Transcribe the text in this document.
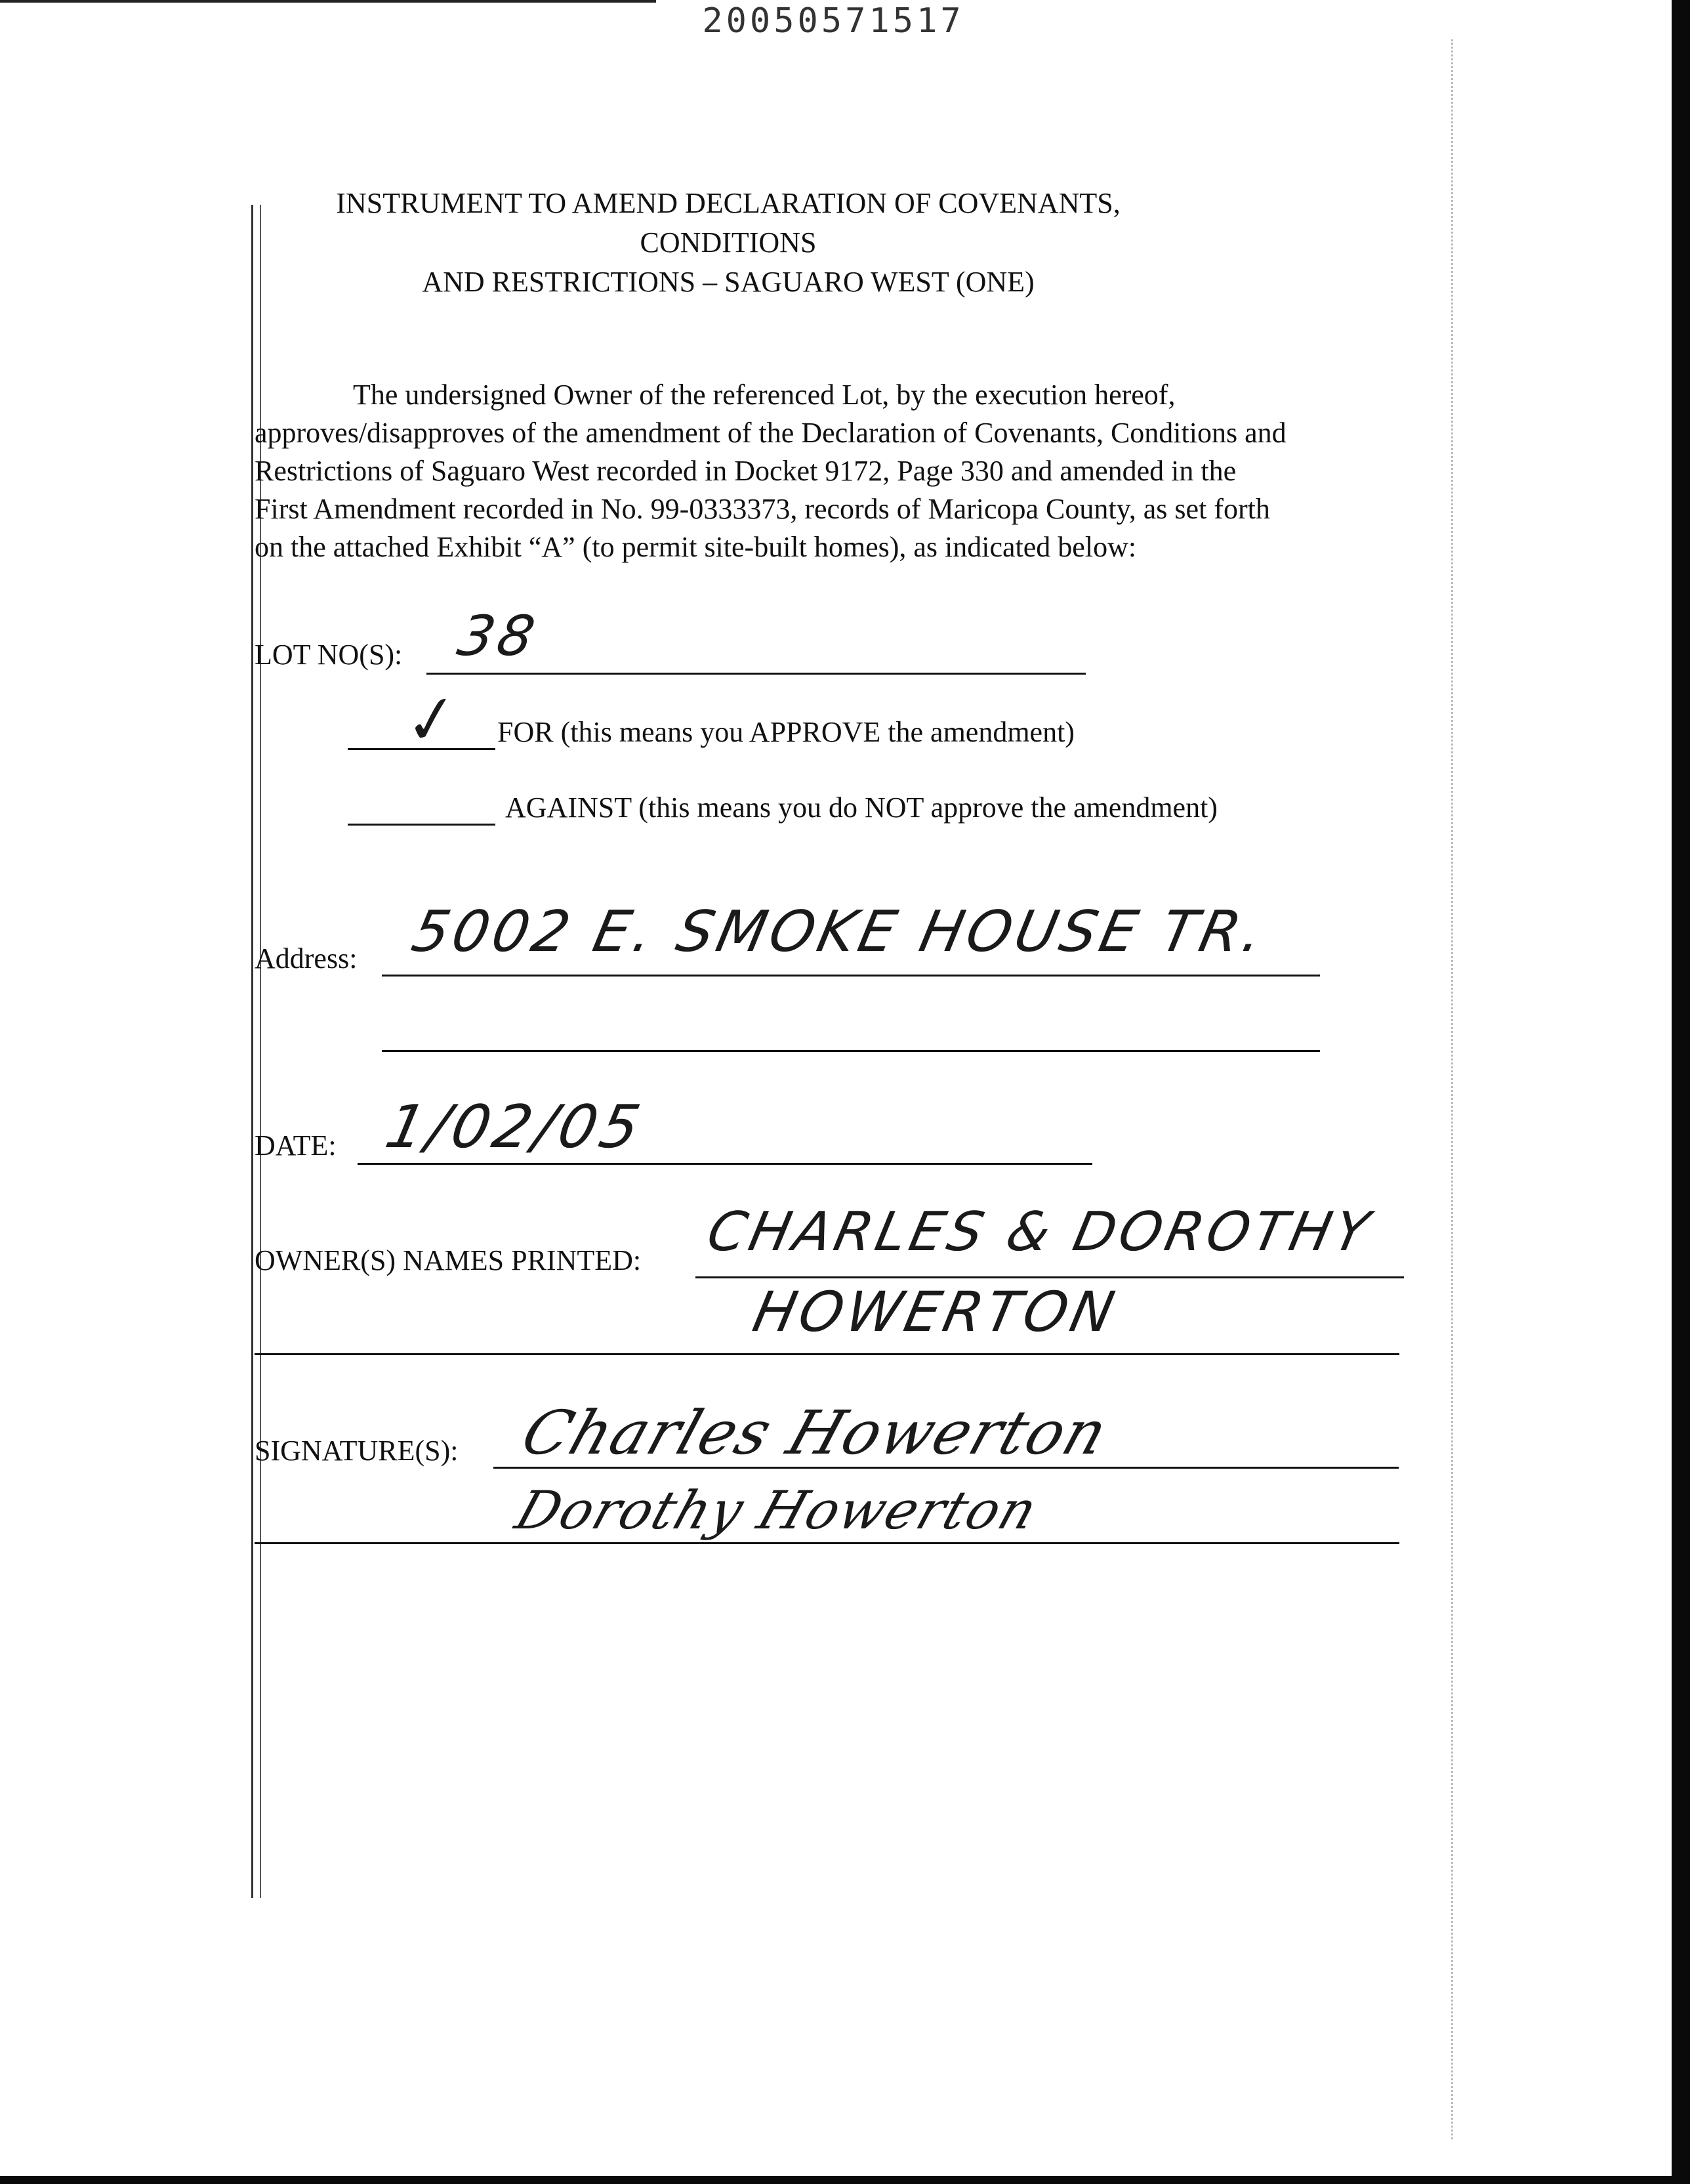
20050571517
INSTRUMENT TO AMEND DECLARATION OF COVENANTS, CONDITIONS
AND RESTRICTIONS – SAGUARO WEST (ONE)
The undersigned Owner of the referenced Lot, by the execution hereof,
approves/disapproves of the amendment of the Declaration of Covenants, Conditions and
Restrictions of Saguaro West recorded in Docket 9172, Page 330 and amended in the
First Amendment recorded in No. 99-0333373, records of Maricopa County, as set forth
on the attached Exhibit “A” (to permit site-built homes), as indicated below:
LOT NO(S): 38
✓ FOR (this means you APPROVE the amendment)
AGAINST (this means you do NOT approve the amendment)
Address: 5002 E. SMOKE HOUSE TR.
DATE: 1/02/05
OWNER(S) NAMES PRINTED: CHARLES & DOROTHY
HOWERTON
SIGNATURE(S): Charles Howerton
Dorothy Howerton
